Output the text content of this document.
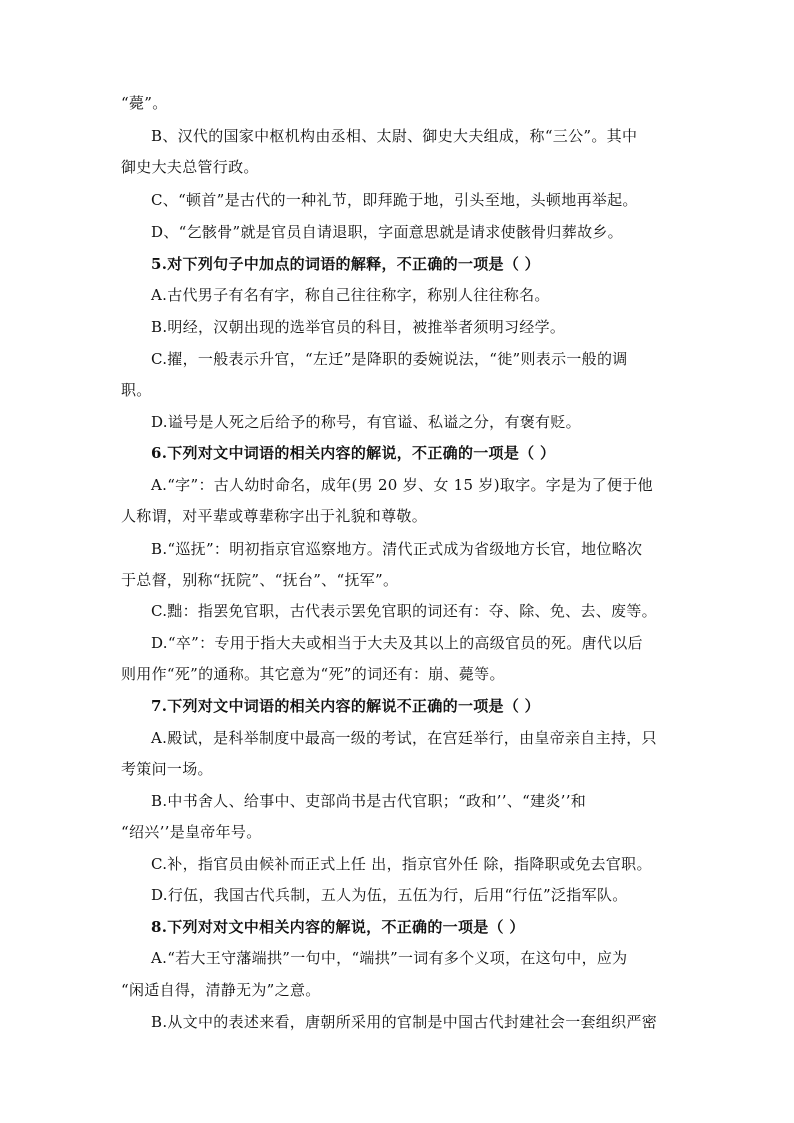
“薨”。
B、汉代的国家中枢机构由丞相、太尉、御史大夫组成，称“三公”。其中
御史大夫总管行政。
C、“顿首”是古代的一种礼节，即拜跪于地，引头至地，头顿地再举起。
D、“乞骸骨”就是官员自请退职，字面意思就是请求使骸骨归葬故乡。
5.对下列句子中加点的词语的解释，不正确的一项是（ ）
A.古代男子有名有字，称自己往往称字，称别人往往称名。
B.明经，汉朝出现的选举官员的科目，被推举者须明习经学。
C.擢，一般表示升官，“左迁”是降职的委婉说法，“徙”则表示一般的调
职。
D.谥号是人死之后给予的称号，有官谥、私谥之分，有褒有贬。
6.下列对文中词语的相关内容的解说，不正确的一项是（ ）
A.“字”：古人幼时命名，成年(男 20 岁、女 15 岁)取字。字是为了便于他
人称谓，对平辈或尊辈称字出于礼貌和尊敬。
B.“巡抚”：明初指京官巡察地方。清代正式成为省级地方长官，地位略次
于总督，别称“抚院”、“抚台”、“抚军”。
C.黜：指罢免官职，古代表示罢免官职的词还有：夺、除、免、去、废等。
D.“卒”：专用于指大夫或相当于大夫及其以上的高级官员的死。唐代以后
则用作“死”的通称。其它意为“死”的词还有：崩、薨等。
7.下列对文中词语的相关内容的解说不正确的一项是（ ）
A.殿试，是科举制度中最高一级的考试，在宫廷举行，由皇帝亲自主持，只
考策问一场。
B.中书舍人、给事中、吏部尚书是古代官职；“政和’’、“建炎’’和
“绍兴’’是皇帝年号。
C.补，指官员由候补而正式上任 出，指京官外任 除，指降职或免去官职。
D.行伍，我国古代兵制，五人为伍，五伍为行，后用“行伍”泛指军队。
8.下列对对文中相关内容的解说，不正确的一项是（ ）
A.“若大王守藩端拱”一句中，“端拱”一词有多个义项，在这句中，应为
“闲适自得，清静无为”之意。
B.从文中的表述来看，唐朝所采用的官制是中国古代封建社会一套组织严密
